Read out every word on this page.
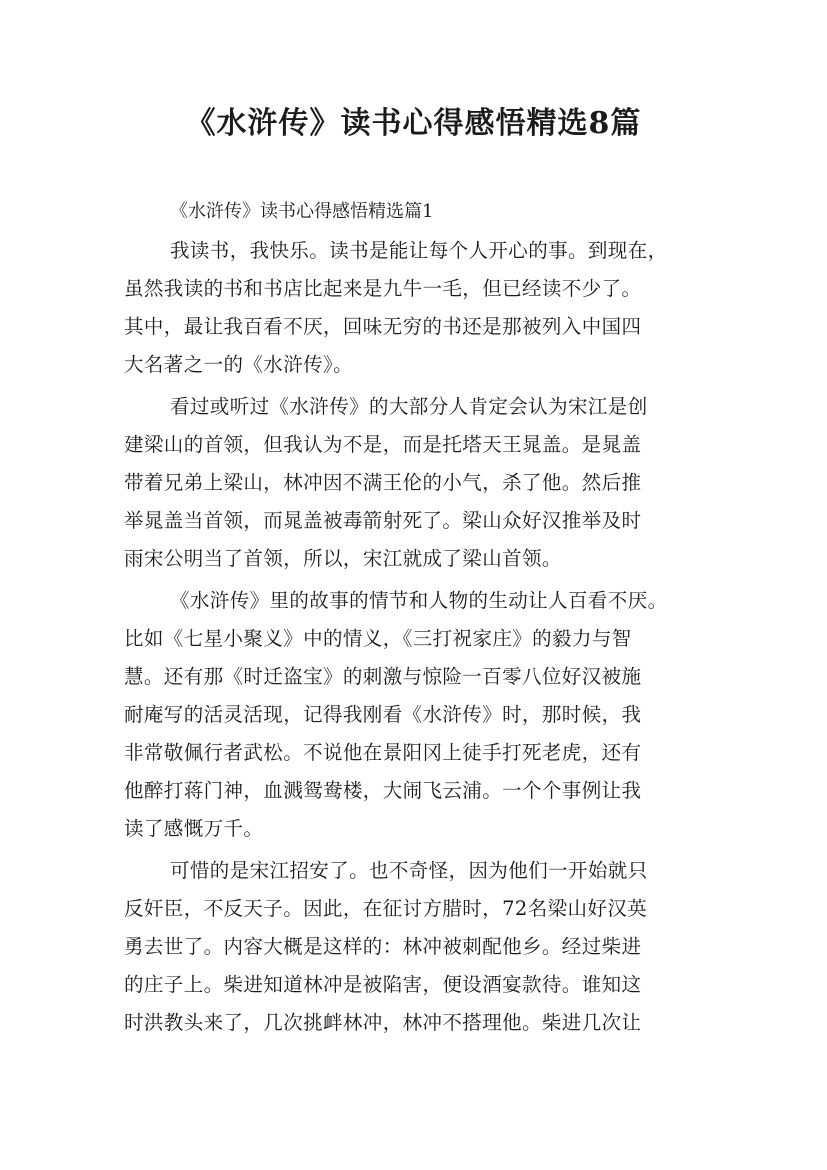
《水浒传》读书心得感悟精选8篇
《水浒传》读书心得感悟精选篇1
我读书，我快乐。读书是能让每个人开心的事。到现在，
虽然我读的书和书店比起来是九牛一毛，但已经读不少了。
其中，最让我百看不厌，回味无穷的书还是那被列入中国四
大名著之一的《水浒传》。
看过或听过《水浒传》的大部分人肯定会认为宋江是创
建梁山的首领，但我认为不是，而是托塔天王晁盖。是晁盖
带着兄弟上梁山，林冲因不满王伦的小气，杀了他。然后推
举晁盖当首领，而晁盖被毒箭射死了。梁山众好汉推举及时
雨宋公明当了首领，所以，宋江就成了梁山首领。
《水浒传》里的故事的情节和人物的生动让人百看不厌。
比如《七星小聚义》中的情义，《三打祝家庄》的毅力与智
慧。还有那《时迁盗宝》的刺激与惊险一百零八位好汉被施
耐庵写的活灵活现，记得我刚看《水浒传》时，那时候，我
非常敬佩行者武松。不说他在景阳冈上徒手打死老虎，还有
他醉打蒋门神，血溅鸳鸯楼，大闹飞云浦。一个个事例让我
读了感慨万千。
可惜的是宋江招安了。也不奇怪，因为他们一开始就只
反奸臣，不反天子。因此，在征讨方腊时，72名梁山好汉英
勇去世了。内容大概是这样的：林冲被刺配他乡。经过柴进
的庄子上。柴进知道林冲是被陷害，便设酒宴款待。谁知这
时洪教头来了，几次挑衅林冲，林冲不搭理他。柴进几次让
